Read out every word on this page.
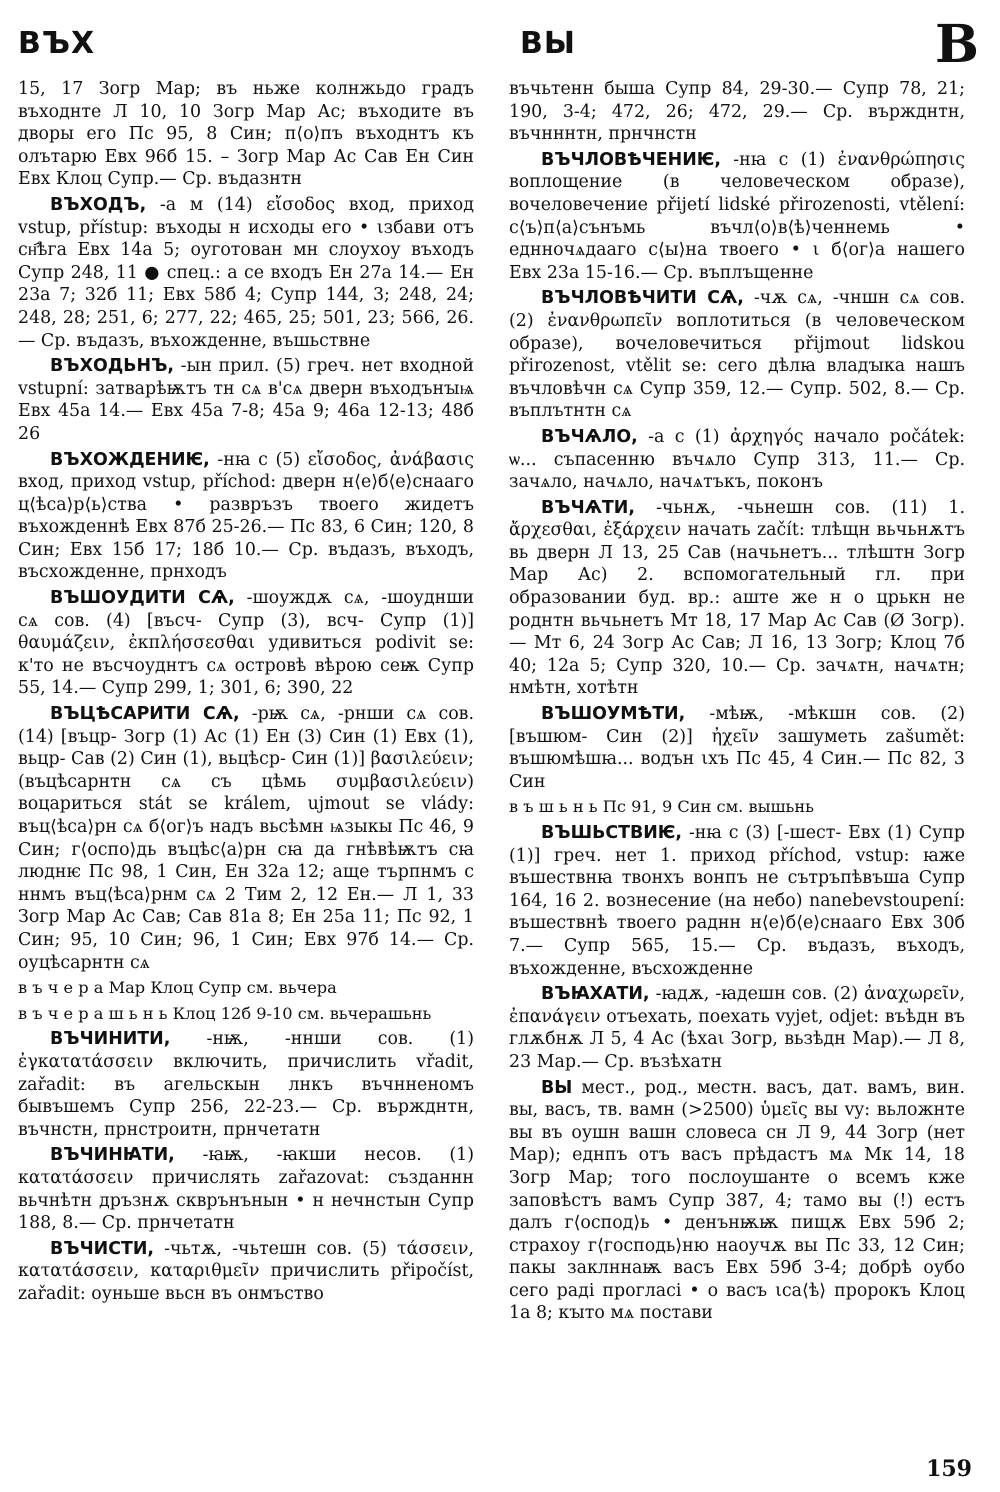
ВЪХ	ВЫ	В

15, 17 Зогр Мар; въ ньже колнжьдо градъ въходнте Л 10, 10 Зогр Мар Ас; въходите въ дворы его Пс 95, 8 Син; п⟨о⟩пъ въходнтъ къ олътарю Евх 96б 15. – Зогр Мар Ас Сав Ен Син Евх Клоц Супр.— Ср. въдазнтн

ВЪХОДЪ, -а м (14) εἴσοδος вход, приход vstup, přístup: въходы н исходы его • ιзбави отъ сн҄ѣга Евх 14а 5; оуготован мн слоухоу въходъ Супр 248, 11 ● спец.: а се входъ Ен 27а 14.— Ен 23а 7; 32б 11; Евх 58б 4; Супр 144, 3; 248, 24; 248, 28; 251, 6; 277, 22; 465, 25; 501, 23; 566, 26.— Ср. въдазъ, въхожденне, въшьствне

ВЪХОДЬНЪ, -ын прил. (5) греч. нет входной vstupní: затварѣѭтъ тн сѧ в'сѧ дверн въходънꙑѩ Евх 45а 14.— Евх 45а 7-8; 45а 9; 46а 12-13; 48б 26

ВЪХОЖДЕНИѤ, -нꙗ с (5) εἴσοδος, ἀνάβασις вход, приход vstup, příchod: дверн н⟨е⟩б⟨е⟩снааго ц⟨ѣса⟩р⟨ь⟩ства • развръзъ твоего жидетъ въхожденнѣ Евх 87б 25-26.— Пс 83, 6 Син; 120, 8 Син; Евх 15б 17; 18б 10.— Ср. въдазъ, въходъ, въсхожденне, прнходъ

ВЪШОУДИТИ СѦ, -шоуждѫ сѧ, -шоуднши сѧ сов. (4) [въсч- Супр (3), всч- Супр (1)] θαυμάζειν, ἐκπλήσσεσθαι удивиться podivit se: к'то не въсчоуднтъ сѧ островѣ вѣрою сеѭ Супр 55, 14.— Супр 299, 1; 301, 6; 390, 22

ВЪЦѢСАРИТИ СѦ, -рѭ сѧ, -рнши сѧ сов. (14) [въцр- Зогр (1) Ас (1) Ен (3) Син (1) Евх (1), вьцр- Сав (2) Син (1), вьцѣср- Син (1)] βασιλεύειν; (въцѣсарнтн сѧ съ цѣмь συμβασιλεύειν) воцариться stát se králem, ujmout se vlády: въц⟨ѣса⟩рн сѧ б⟨ог⟩ъ надъ вьсѣмн ѩзыкы Пс 46, 9 Син; г⟨оспо⟩дь въцѣс⟨а⟩рн сꙗ да гнѣвѣѭтъ сꙗ люднѥ Пс 98, 1 Син, Ен 32а 12; аще търпнмъ с ннмъ въц⟨ѣса⟩рнм сѧ 2 Тим 2, 12 Ен.— Л 1, 33 Зогр Мар Ас Сав; Сав 81а 8; Ен 25а 11; Пс 92, 1 Син; 95, 10 Син; 96, 1 Син; Евх 97б 14.— Ср. оуцѣсарнтн сѧ

в ъ ч е р а Мар Клоц Супр см. вьчера

в ъ ч е р а ш ь н ь Клоц 12б 9-10 см. вьчерашьнь

ВЪЧИНИТИ, -нѭ, -ннши сов. (1) ἐγκατατάσσειν включить, причислить vřadit, zařadit: въ агельскын лнкъ въчнненомъ бывъшемъ Супр 256, 22-23.— Ср. вържднтн, въчнстн, прнстроитн, прнчетатн

ВЪЧИНꙖТИ, -ꙗѭ, -ꙗкши несов. (1) κατατάσσειν причислять zařazovat: създаннн вьчнѣтн дръзнѫ скврънънын • н нечнстын Супр 188, 8.— Ср. прнчетатн

ВЪЧИСТИ, -чьтѫ, -чьтешн сов. (5) τάσσειν, κατατάσσειν, καταριθμεῖν причислить připočíst, zařadit: оуньше вьсн въ онмъство

въчьтенн быша Супр 84, 29-30.— Супр 78, 21; 190, 3-4; 472, 26; 472, 29.— Ср. вържднтн, въчнннтн, прнчнстн

ВЪЧЛОВѢЧЕНИѤ, -нꙗ с (1) ἐνανθρώπησις воплощение (в человеческом образе), вочеловечение přijetí lidské přirozenosti, vtělení: с⟨ъ⟩п⟨а⟩сънъмь въчл⟨о⟩в⟨ѣ⟩ченнемь • еднночѧдааго с⟨ы⟩на твоего • ι б⟨ог⟩а нашего Евх 23а 15-16.— Ср. въплъщенне

ВЪЧЛОВѢЧИТИ СѦ, -чѫ сѧ, -чншн сѧ сов. (2) ἐνανθρωπεῖν воплотиться (в человеческом образе), вочеловечиться přijmout lidskou přirozenost, vtělit se: сего дѣлꙗ владꙑка нашъ въчловѣчн сѧ Супр 359, 12.— Супр. 502, 8.— Ср. въплътнтн сѧ

ВЪЧѦЛО, -а с (1) ἀρχηγός начало počátek: ѡ... съпасенню въчѧло Супр 313, 11.— Ср. зачѧло, начѧло, начѧтъкъ, поконъ

ВЪЧѦТИ, -чьнѫ, -чьнешн сов. (11) 1. ἄρχεσθαι, ἐξάρχειν начать začít: тлѣщн вьчьнѫтъ вь дверн Л 13, 25 Сав (начьнетъ... тлѣштн Зогр Мар Ас) 2. вспомогательный гл. при образовании буд. вр.: аште же н о црькн не роднтн вьчьнетъ Мт 18, 17 Мар Ас Сав (Ø Зогр).— Мт 6, 24 Зогр Ас Сав; Л 16, 13 Зогр; Клоц 7б 40; 12а 5; Супр 320, 10.— Ср. зачѧтн, начѧтн; нмѣтн, хотѣтн

ВЪШОУМѢТИ, -мѣѭ, -мѣкшн сов. (2) [въшюм- Син (2)] ἠχεῖν зашуметь zašumět: въшюмѣшꙗ... водън ιхъ Пс 45, 4 Син.— Пс 82, 3 Син

в ъ ш ь н ь Пс 91, 9 Син см. вышьнь

ВЪШЬСТВИѤ, -нꙗ с (3) [-шест- Евх (1) Супр (1)] греч. нет 1. приход příchod, vstup: ꙗже въшествнꙗ твонхъ вонпъ не сътръпѣвъша Супр 164, 16 2. вознесение (на небо) nanebevstoupení: въшествнѣ твоего раднн н⟨е⟩б⟨е⟩снааго Евх 30б 7.— Супр 565, 15.— Ср. въдазъ, въходъ, въхожденне, въсхожденне

ВЪꙖХАТИ, -ꙗдѫ, -ꙗдешн сов. (2) ἀναχωρεῖν, ἐπανάγειν отъехать, поехать vyjet, odjet: въѣдн въ глѫбнѫ Л 5, 4 Ас (ѣхаι Зогр, вьзѣдн Мар).— Л 8, 23 Мар.— Ср. възѣхатн

ВЫ мест., род., местн. васъ, дат. вамъ, вин. вы, васъ, тв. вамн (>2500) ὑμεῖς вы vy: вьложнте вы въ оушн вашн словеса сн Л 9, 44 Зогр (нет Мар); еднпъ отъ васъ прѣдастъ мѧ Мк 14, 18 Зогр Мар; того послоушанте о всемъ кже заповѣстъ вамъ Супр 387, 4; тамо вы (!) естъ далъ г⟨оспод⟩ь • денънѭѭ пищѫ Евх 59б 2; страхоу г⟨господь⟩ню наоучѫ вы Пс 33, 12 Син; пакы заклннаѭ васъ Евх 59б 3-4; добрѣ оубо сего раді проглаci • о васъ ιса⟨ѣ⟩ пророкъ Клоц 1а 8; кꙑто мѧ постави

159
